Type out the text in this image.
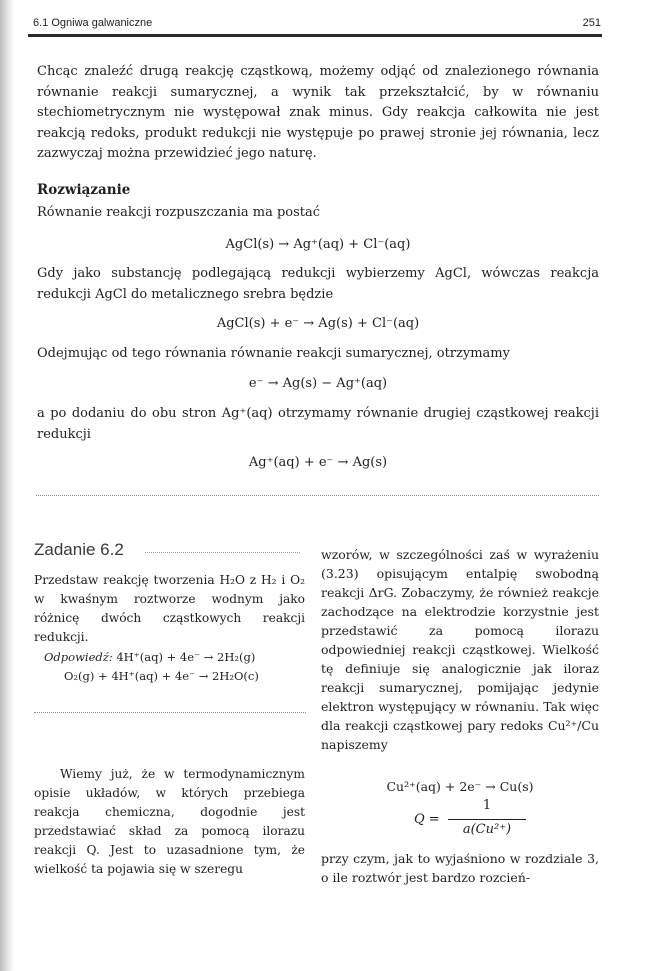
6.1 Ogniwa galwaniczne	251
Chcąc znaleźć drugą reakcję cząstkową, możemy odjąć od znalezionego równania równanie reakcji sumarycznej, a wynik tak przekształcić, by w równaniu stechiometrycznym nie występował znak minus. Gdy reakcja całkowita nie jest reakcją redoks, produkt redukcji nie występuje po prawej stronie jej równania, lecz zazwyczaj można przewidzieć jego naturę.
Rozwiązanie
Równanie reakcji rozpuszczania ma postać
AgCl(s) → Ag⁺(aq) + Cl⁻(aq)
Gdy jako substancję podlegającą redukcji wybierzemy AgCl, wówczas reakcja redukcji AgCl do metalicznego srebra będzie
AgCl(s) + e⁻ → Ag(s) + Cl⁻(aq)
Odejmując od tego równania równanie reakcji sumarycznej, otrzymamy
e⁻ → Ag(s) − Ag⁺(aq)
a po dodaniu do obu stron Ag⁺(aq) otrzymamy równanie drugiej cząstkowej reakcji redukcji
Ag⁺(aq) + e⁻ → Ag(s)
Zadanie 6.2
Przedstaw reakcję tworzenia H₂O z H₂ i O₂ w kwaśnym roztworze wodnym jako różnicę dwóch cząstkowych reakcji redukcji.
Odpowiedź: 4H⁺(aq) + 4e⁻ → 2H₂(g)
O₂(g) + 4H⁺(aq) + 4e⁻ → 2H₂O(c)
Wiemy już, że w termodynamicznym opisie układów, w których przebiega reakcja chemiczna, dogodnie jest przedstawiać skład za pomocą ilorazu reakcji Q. Jest to uzasadnione tym, że wielkość ta pojawia się w szeregu
wzorów, w szczególności zaś w wyrażeniu (3.23) opisującym entalpię swobodną reakcji ΔrG. Zobaczymy, że również reakcje zachodzące na elektrodzie korzystnie jest przedstawić za pomocą ilorazu odpowiedniej reakcji cząstkowej. Wielkość tę definiuje się analogicznie jak iloraz reakcji sumarycznej, pomijając jedynie elektron występujący w równaniu. Tak więc dla reakcji cząstkowej pary redoks Cu²⁺/Cu napiszemy
Cu²⁺(aq) + 2e⁻ → Cu(s)
Q =
1
a(Cu²⁺)
przy czym, jak to wyjaśniono w rozdziale 3, o ile roztwór jest bardzo rozcień-
